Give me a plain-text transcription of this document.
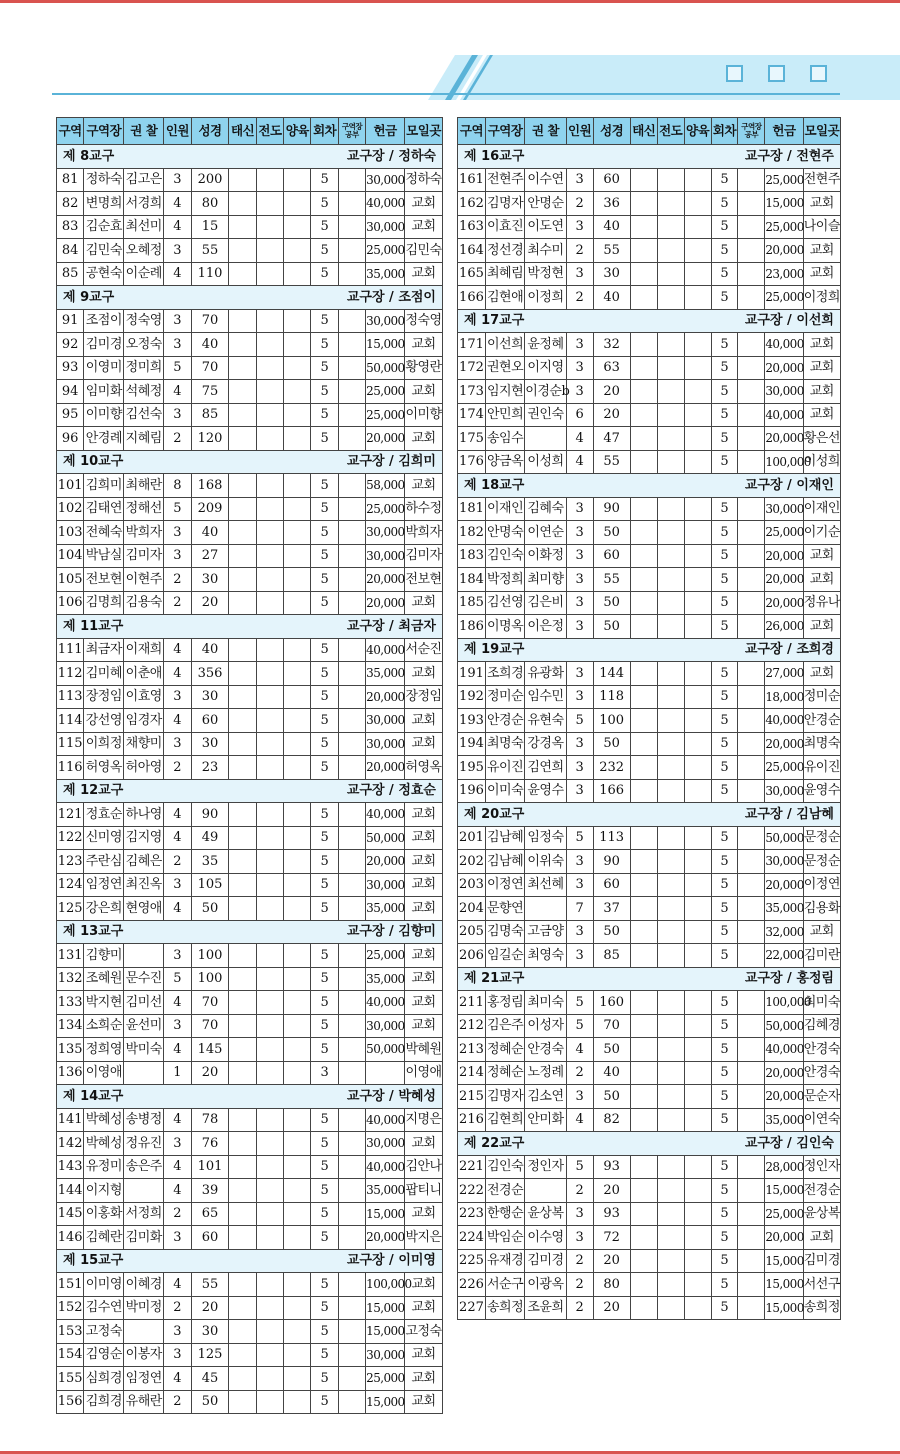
구역	구역장	권 찰	인원	성경	태신	전도	양육	회차	구역장 공부	헌금	모일곳

제 8교구 교구장 / 정하숙											

81	정하숙	김고은	3	200				5		30,000	정하숙
82	변명희	서경희	4	80				5		40,000	교회
83	김순효	최선미	4	15				5		30,000	교회
84	김민숙	오혜정	3	55				5		25,000	김민숙
85	공현숙	이순례	4	110				5		35,000	교회

제 9교구 교구장 / 조점이											

91	조점이	정숙영	3	70				5		30,000	정숙영
92	김미경	오정숙	3	40				5		15,000	교회
93	이영미	정미희	5	70				5		50,000	황영란
94	임미화	석혜정	4	75				5		25,000	교회
95	이미향	김선숙	3	85				5		25,000	이미향
96	안경례	지혜림	2	120				5		20,000	교회

제 10교구 교구장 / 김희미											

101	김희미	최해란	8	168				5		58,000	교회
102	김태연	정해선	5	209				5		25,000	하수정
103	전혜숙	박희자	3	40				5		30,000	박희자
104	박남실	김미자	3	27				5		30,000	김미자
105	전보현	이현주	2	30				5		20,000	전보현
106	김명희	김용숙	2	20				5		20,000	교회

제 11교구 교구장 / 최금자											

111	최금자	이재희	4	40				5		40,000	서순진
112	김미혜	이춘애	4	356				5		35,000	교회
113	장정임	이효영	3	30				5		20,000	장정임
114	강선영	임경자	4	60				5		30,000	교회
115	이희정	채향미	3	30				5		30,000	교회
116	허영옥	허아영	2	23				5		20,000	허영옥

제 12교구 교구장 / 정효순											

121	정효순	하나영	4	90				5		40,000	교회
122	신미영	김지영	4	49				5		50,000	교회
123	주란심	김혜은	2	35				5		20,000	교회
124	임정연	최진옥	3	105				5		30,000	교회
125	강은희	현영애	4	50				5		35,000	교회

제 13교구 교구장 / 김향미											

131	김향미		3	100				5		25,000	교회
132	조혜원	문수진	5	100				5		35,000	교회
133	박지현	김미선	4	70				5		40,000	교회
134	소희순	윤선미	3	70				5		30,000	교회
135	정희영	박미숙	4	145				5		50,000	박혜원
136	이영애		1	20				3			이영애

제 14교구 교구장 / 박혜성											

141	박혜성	송병정	4	78				5		40,000	지명은
142	박혜성	정유진	3	76				5		30,000	교회
143	유정미	송은주	4	101				5		40,000	김안나
144	이지형		4	39				5		35,000	팝티니
145	이홍화	서정희	2	65				5		15,000	교회
146	김혜란	김미화	3	60				5		20,000	박지은

제 15교구 교구장 / 이미영											

151	이미영	이혜경	4	55				5		100,000	교회
152	김수연	박미정	2	20				5		15,000	교회
153	고정숙		3	30				5		15,000	고정숙
154	김영순	이봉자	3	125				5		30,000	교회
155	심희경	임정연	4	45				5		25,000	교회
156	김희경	유해란	2	50				5		15,000	교회
구역	구역장	권 찰	인원	성경	태신	전도	양육	회차	구역장 공부	헌금	모일곳

제 16교구 교구장 / 전현주											

161	전현주	이수연	3	60				5		25,000	전현주
162	김명자	안명순	2	36				5		15,000	교회
163	이효진	이도연	3	40				5		25,000	나이슬
164	정선경	최수미	2	55				5		20,000	교회
165	최혜림	박정현	3	30				5		23,000	교회
166	김현애	이정희	2	40				5		25,000	이정희

제 17교구 교구장 / 이선희											

171	이선희	윤정혜	3	32				5		40,000	교회
172	권현오	이지영	3	63				5		20,000	교회
173	임지현	이경순b	3	20				5		30,000	교회
174	안민희	권인숙	6	20				5		40,000	교회
175	송임수		4	47				5		20,000	황은선
176	양금옥	이성희	4	55				5		100,000	이성희

제 18교구 교구장 / 이재인											

181	이재인	김혜숙	3	90				5		30,000	이재인
182	안명숙	이연순	3	50				5		25,000	이기순
183	김인숙	이화정	3	60				5		20,000	교회
184	박정희	최미향	3	55				5		20,000	교회
185	김선영	김은비	3	50				5		20,000	정유나
186	이명옥	이은정	3	50				5		26,000	교회

제 19교구 교구장 / 조희경											

191	조희경	유광화	3	144				5		27,000	교회
192	정미순	임수민	3	118				5		18,000	정미순
193	안경순	유현숙	5	100				5		40,000	안경순
194	최명숙	강경옥	3	50				5		20,000	최명숙
195	유이진	김연희	3	232				5		25,000	유이진
196	이미숙	윤영수	3	166				5		30,000	윤영수

제 20교구 교구장 / 김남혜											

201	김남혜	임정숙	5	113				5		50,000	문정순
202	김남혜	이위숙	3	90				5		30,000	문정순
203	이정연	최선혜	3	60				5		20,000	이정연
204	문향연		7	37				5		35,000	김용화
205	김명숙	고금양	3	50				5		32,000	교회
206	임길순	최영숙	3	85				5		22,000	김미란

제 21교구 교구장 / 홍정림											

211	홍정림	최미숙	5	160				5		100,000	최미숙
212	김은주	이성자	5	70				5		50,000	김혜경
213	정혜순	안경숙	4	50				5		40,000	안경숙
214	정혜순	노정례	2	40				5		20,000	안경숙
215	김명자	김소연	3	50				5		20,000	문순자
216	김현희	안미화	4	82				5		35,000	이연숙

제 22교구 교구장 / 김인숙											

221	김인숙	정인자	5	93				5		28,000	정인자
222	전경순		2	20				5		15,000	전경순
223	한행순	윤상복	3	93				5		25,000	윤상복
224	박임순	이수영	3	72				5		20,000	교회
225	유재경	김미경	2	20				5		15,000	김미경
226	서순구	이광옥	2	80				5		15,000	서선구
227	송희정	조윤희	2	20				5		15,000	송희정
